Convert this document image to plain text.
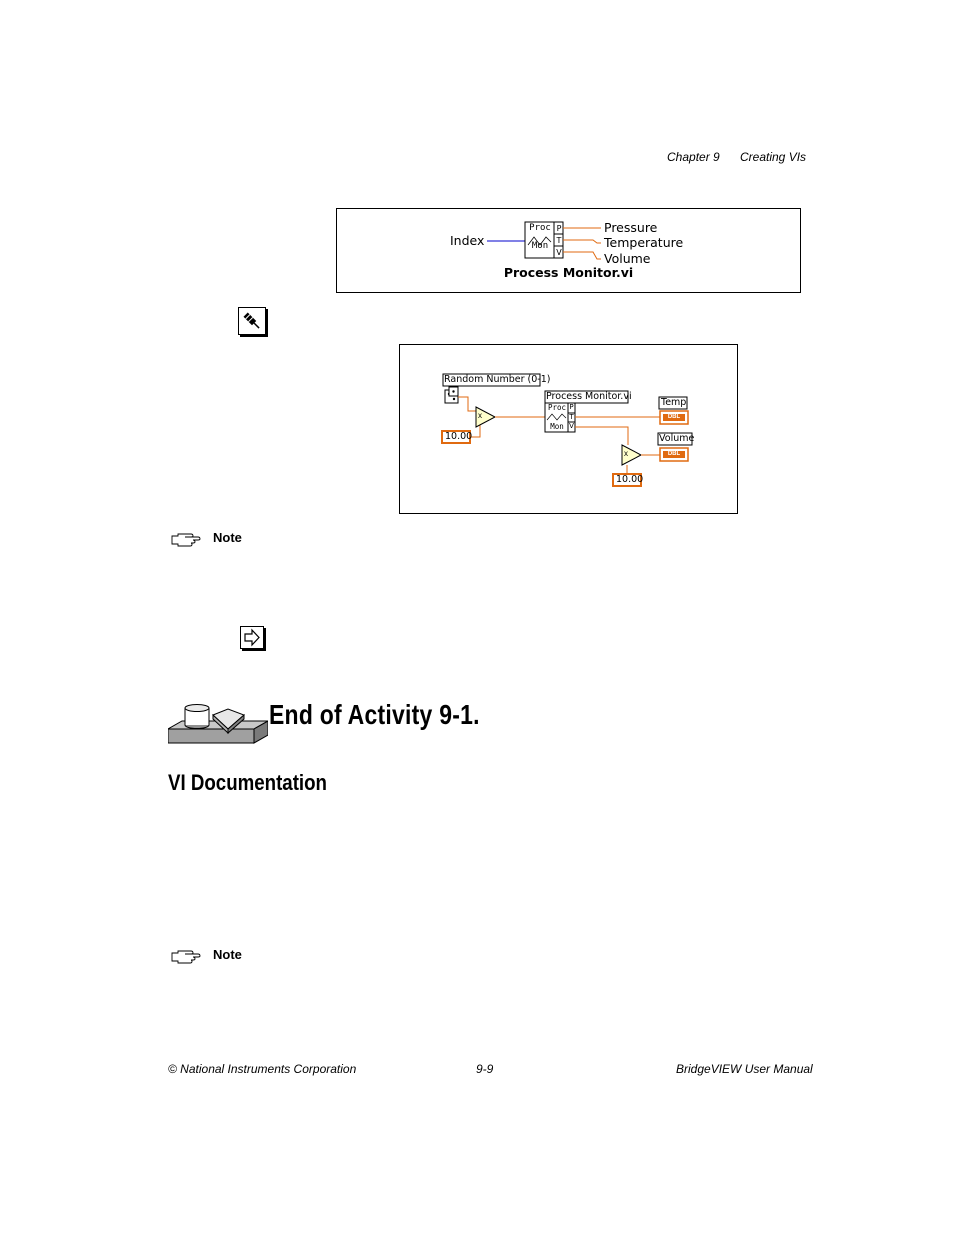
Chapter 9 Creating VIs
Index
Proc
Mon
P
T
V
Pressure
Temperature
Volume
Process Monitor.vi
Random Number (0-1)
Process Monitor.vi
Proc
Mon
P
T
V
10.00
10.00
Temp
Volume
DBL
DBL
x
x
Note
End of Activity 9-1.
VI Documentation
Note
© National Instruments Corporation	9-9	BridgeVIEW User Manual
